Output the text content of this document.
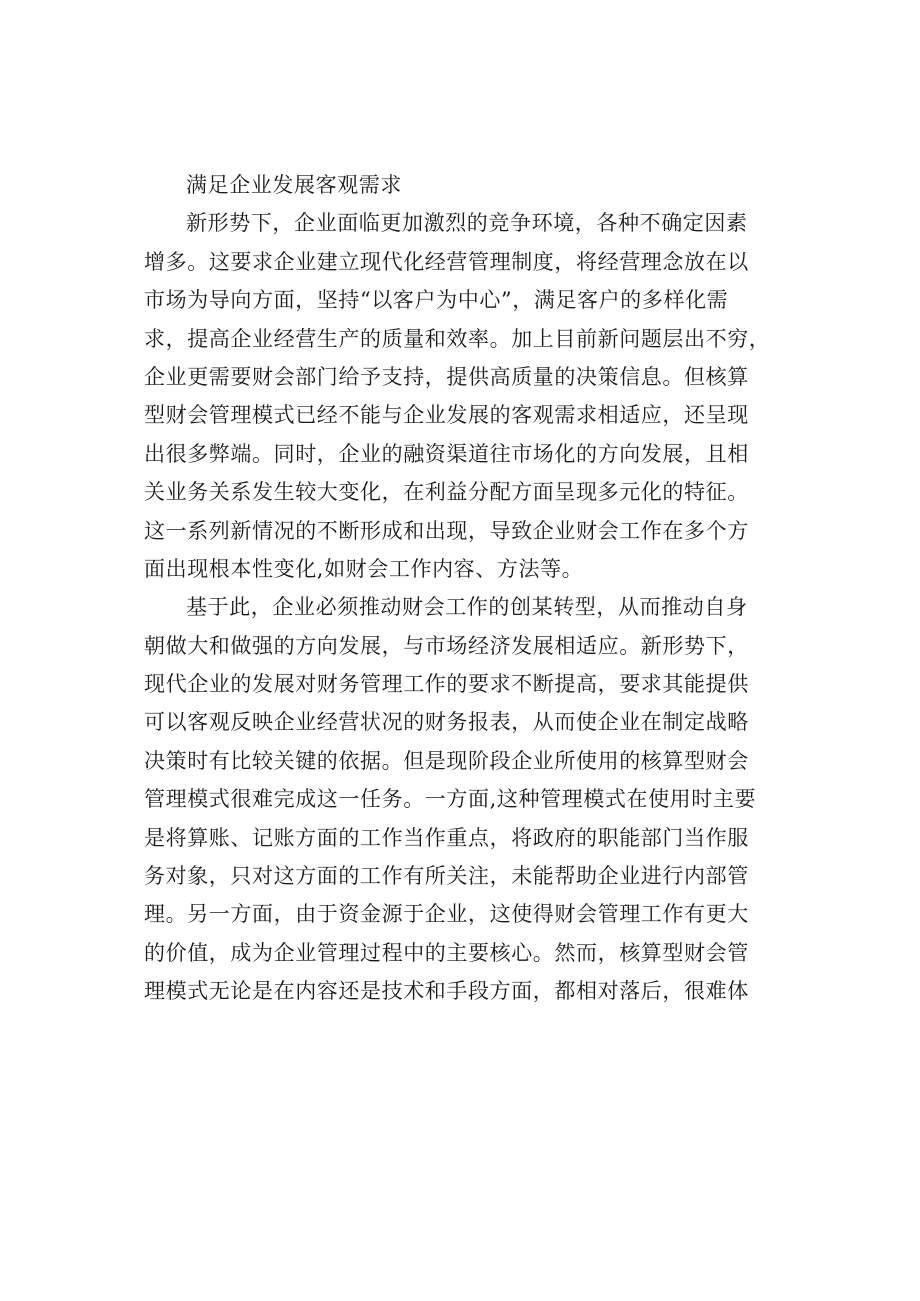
满足企业发展客观需求
新形势下，企业面临更加激烈的竞争环境，各种不确定因素
增多。这要求企业建立现代化经营管理制度，将经营理念放在以
市场为导向方面，坚持“以客户为中心”，满足客户的多样化需
求，提高企业经营生产的质量和效率。加上目前新问题层出不穷，
企业更需要财会部门给予支持，提供高质量的决策信息。但核算
型财会管理模式已经不能与企业发展的客观需求相适应，还呈现
出很多弊端。同时，企业的融资渠道往市场化的方向发展，且相
关业务关系发生较大变化，在利益分配方面呈现多元化的特征。
这一系列新情况的不断形成和出现，导致企业财会工作在多个方
面出现根本性变化,如财会工作内容、方法等。
基于此，企业必须推动财会工作的创某转型，从而推动自身
朝做大和做强的方向发展，与市场经济发展相适应。新形势下，
现代企业的发展对财务管理工作的要求不断提高，要求其能提供
可以客观反映企业经营状况的财务报表，从而使企业在制定战略
决策时有比较关键的依据。但是现阶段企业所使用的核算型财会
管理模式很难完成这一任务。一方面,这种管理模式在使用时主要
是将算账、记账方面的工作当作重点，将政府的职能部门当作服
务对象，只对这方面的工作有所关注，未能帮助企业进行内部管
理。另一方面，由于资金源于企业，这使得财会管理工作有更大
的价值，成为企业管理过程中的主要核心。然而，核算型财会管
理模式无论是在内容还是技术和手段方面，都相对落后，很难体
